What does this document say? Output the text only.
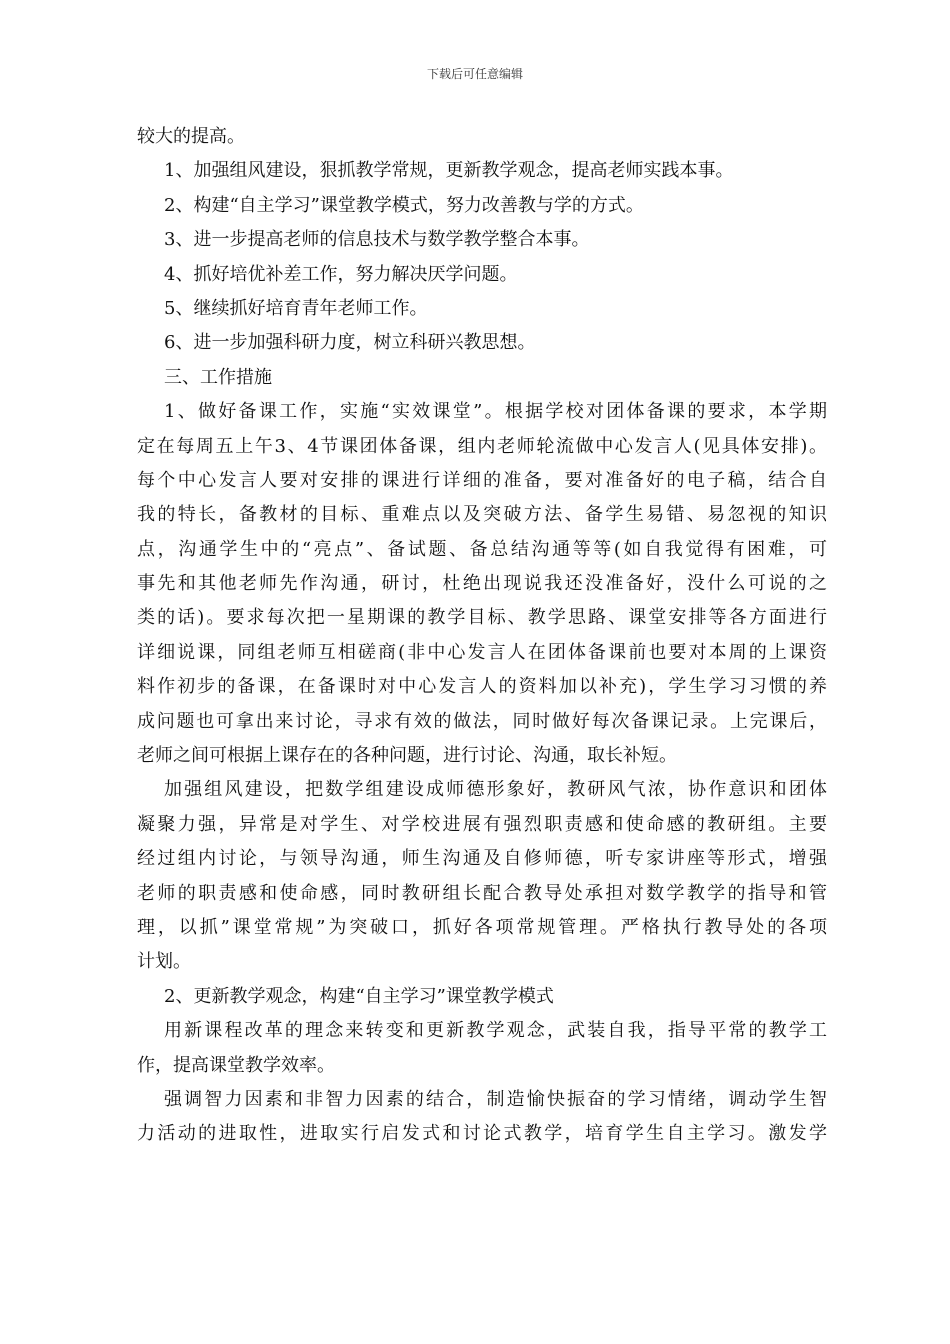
下载后可任意编辑
较大的提高。
1、加强组风建设，狠抓教学常规，更新教学观念，提高老师实践本事。
2、构建“自主学习”课堂教学模式，努力改善教与学的方式。
3、进一步提高老师的信息技术与数学教学整合本事。
4、抓好培优补差工作，努力解决厌学问题。
5、继续抓好培育青年老师工作。
6、进一步加强科研力度，树立科研兴教思想。
三、工作措施
1、做好备课工作，实施“实效课堂”。根据学校对团体备课的要求，本学期
定在每周五上午3、4节课团体备课，组内老师轮流做中心发言人(见具体安排)。
每个中心发言人要对安排的课进行详细的准备，要对准备好的电子稿，结合自
我的特长，备教材的目标、重难点以及突破方法、备学生易错、易忽视的知识
点，沟通学生中的“亮点”、备试题、备总结沟通等等(如自我觉得有困难，可
事先和其他老师先作沟通，研讨，杜绝出现说我还没准备好，没什么可说的之
类的话)。要求每次把一星期课的教学目标、教学思路、课堂安排等各方面进行
详细说课，同组老师互相磋商(非中心发言人在团体备课前也要对本周的上课资
料作初步的备课，在备课时对中心发言人的资料加以补充)，学生学习习惯的养
成问题也可拿出来讨论，寻求有效的做法，同时做好每次备课记录。上完课后，
老师之间可根据上课存在的各种问题，进行讨论、沟通，取长补短。
加强组风建设，把数学组建设成师德形象好，教研风气浓，协作意识和团体
凝聚力强，异常是对学生、对学校进展有强烈职责感和使命感的教研组。主要
经过组内讨论，与领导沟通，师生沟通及自修师德，听专家讲座等形式，增强
老师的职责感和使命感，同时教研组长配合教导处承担对数学教学的指导和管
理，以抓”课堂常规”为突破口，抓好各项常规管理。严格执行教导处的各项
计划。
2、更新教学观念，构建“自主学习”课堂教学模式
用新课程改革的理念来转变和更新教学观念，武装自我，指导平常的教学工
作，提高课堂教学效率。
强调智力因素和非智力因素的结合，制造愉快振奋的学习情绪，调动学生智
力活动的进取性，进取实行启发式和讨论式教学，培育学生自主学习。激发学
